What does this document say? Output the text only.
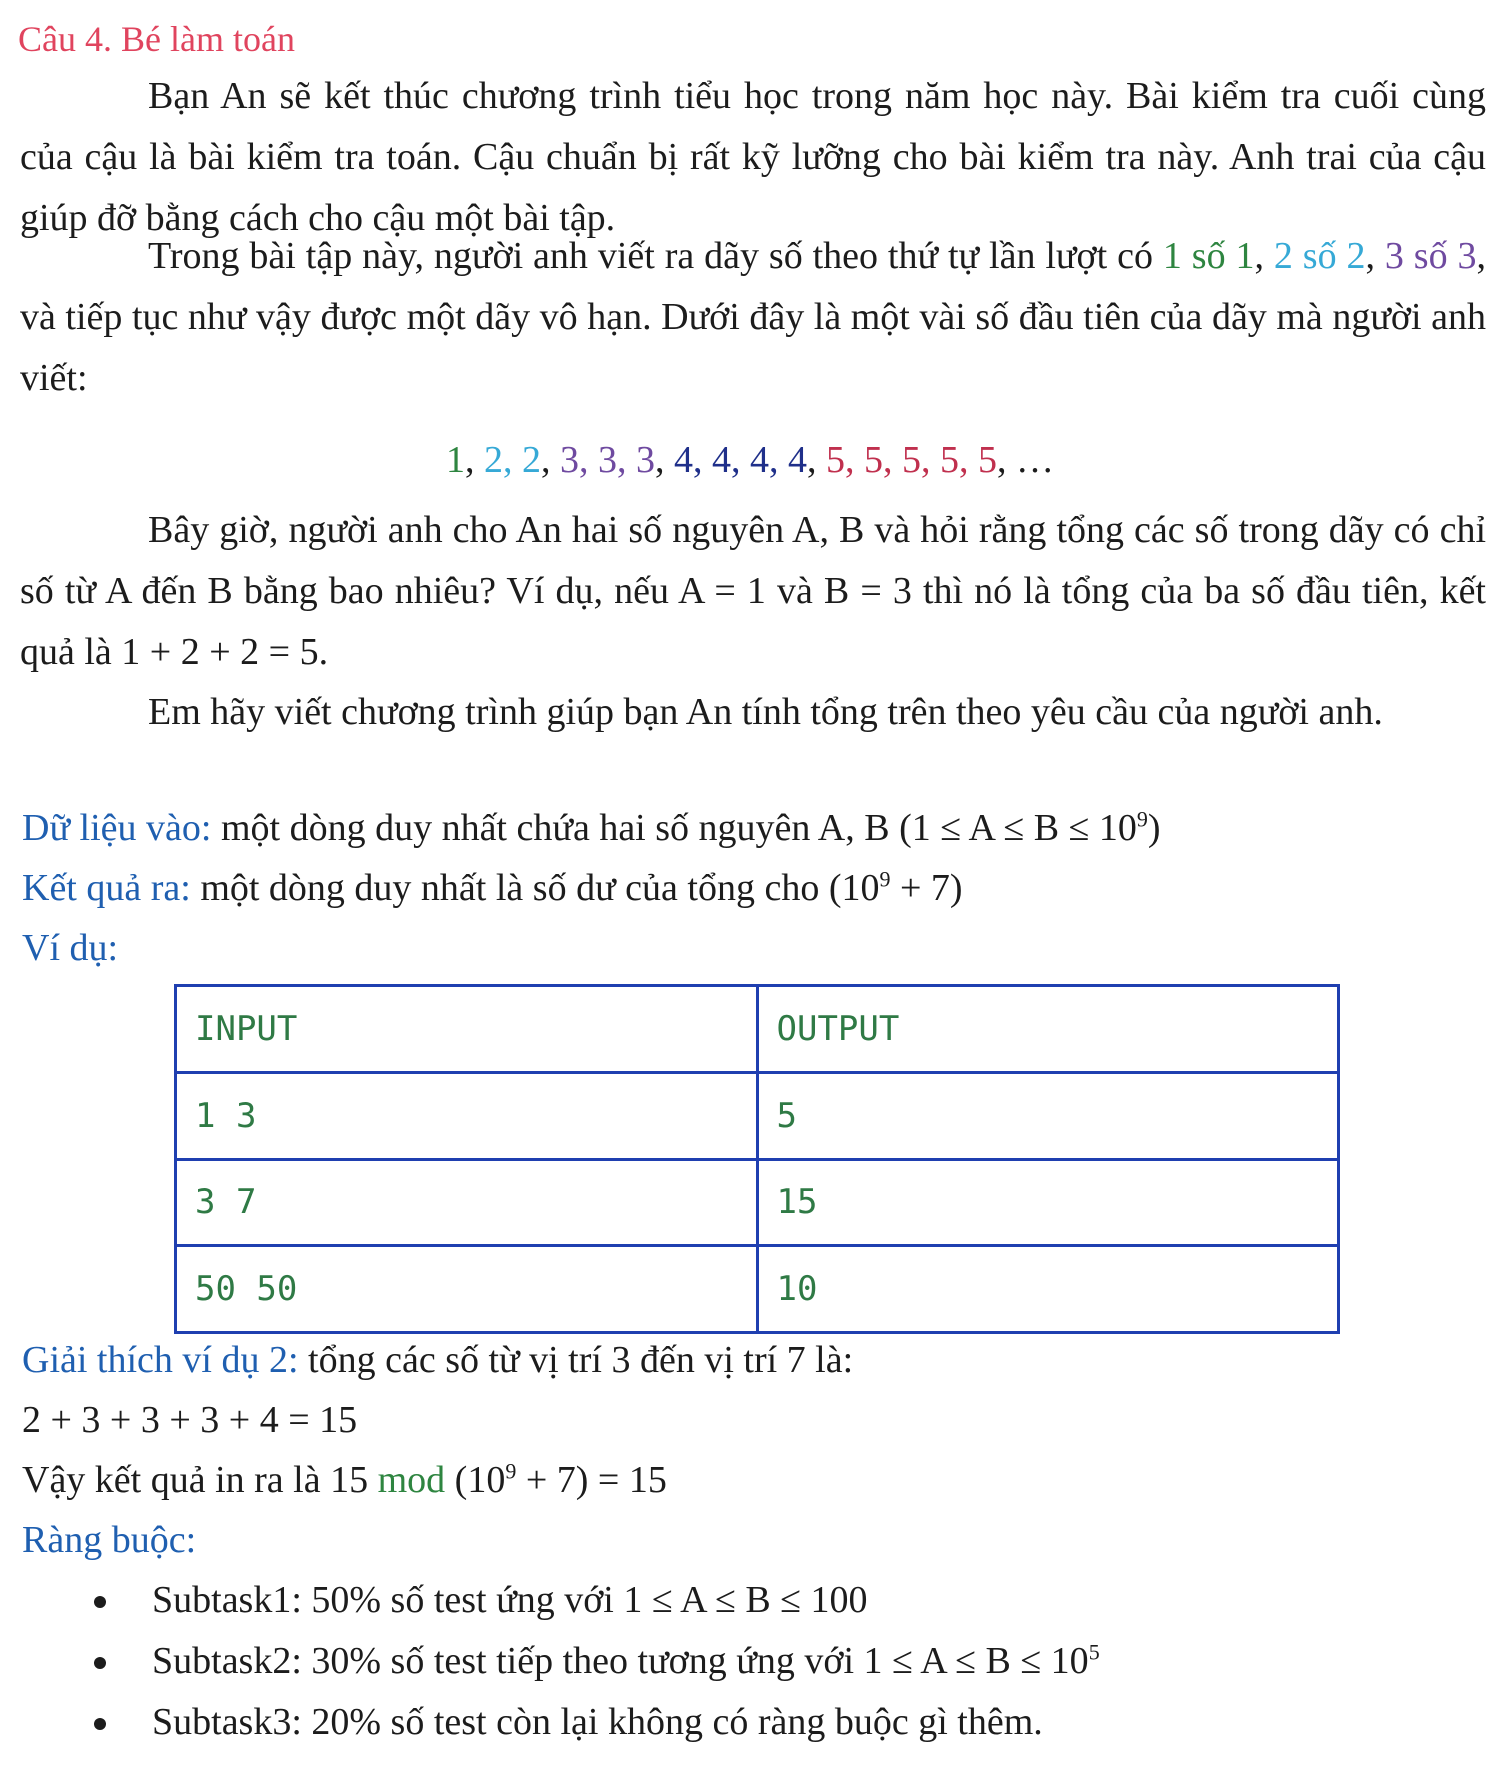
Câu 4. Bé làm toán
Bạn An sẽ kết thúc chương trình tiểu học trong năm học này. Bài kiểm tra cuối cùng của cậu là bài kiểm tra toán. Cậu chuẩn bị rất kỹ lưỡng cho bài kiểm tra này. Anh trai của cậu giúp đỡ bằng cách cho cậu một bài tập.
Trong bài tập này, người anh viết ra dãy số theo thứ tự lần lượt có 1 số 1, 2 số 2, 3 số 3, và tiếp tục như vậy được một dãy vô hạn. Dưới đây là một vài số đầu tiên của dãy mà người anh viết:
1, 2, 2, 3, 3, 3, 4, 4, 4, 4, 5, 5, 5, 5, 5, …
Bây giờ, người anh cho An hai số nguyên A, B và hỏi rằng tổng các số trong dãy có chỉ số từ A đến B bằng bao nhiêu? Ví dụ, nếu A = 1 và B = 3 thì nó là tổng của ba số đầu tiên, kết quả là 1 + 2 + 2 = 5.
Em hãy viết chương trình giúp bạn An tính tổng trên theo yêu cầu của người anh.
Dữ liệu vào: một dòng duy nhất chứa hai số nguyên A, B $(1 \le A \le B \le 10^9)$
Kết quả ra: một dòng duy nhất là số dư của tổng cho $(10^9 + 7)$
Ví dụ:
INPUT	OUTPUT
1 3	5
3 7	15
50 50	10
Giải thích ví dụ 2: tổng các số từ vị trí 3 đến vị trí 7 là:
2 + 3 + 3 + 3 + 4 = 15
Vậy kết quả in ra là 15 mod $(10^9 + 7) = 15$
Ràng buộc:
Subtask1: 50% số test ứng với 1 ≤ A ≤ B ≤ 100
Subtask2: 30% số test tiếp theo tương ứng với $1 \le A \le B \le 10^5$
Subtask3: 20% số test còn lại không có ràng buộc gì thêm.
